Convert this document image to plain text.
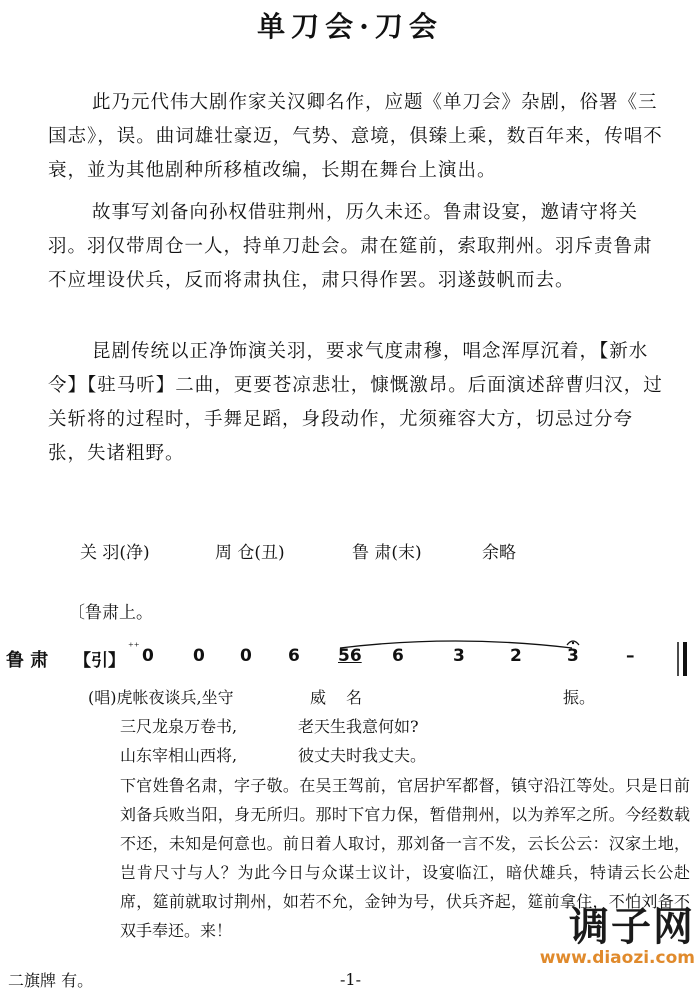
单刀会·刀会

此乃元代伟大剧作家关汉卿名作，应题《单刀会》杂剧，俗署《三国志》，误。曲词雄壮豪迈，气势、意境，俱臻上乘，数百年来，传唱不衰，並为其他剧种所移植改编，长期在舞台上演出。

故事写刘备向孙权借驻荆州，历久未还。鲁肃设宴，邀请守将关羽。羽仅带周仓一人，持单刀赴会。肃在筵前，索取荆州。羽斥责鲁肃不应埋设伏兵，反而将肃执住，肃只得作罢。羽遂鼓帆而去。

昆剧传统以正净饰演关羽，要求气度肃穆，唱念浑厚沉着，【新水令】【驻马听】二曲，更要苍凉悲壮，慷慨激昂。后面演述辞曹归汉，过关斩将的过程时，手舞足蹈，身段动作，尤须雍容大方，切忌过分夸张，失诸粗野。

关 羽(净)	周 仓(丑)	鲁 肃(末)	余略
〔鲁肃上。
鲁 肃 【引】
⁺⁺ 0 0 0 6 56 6	3	2	3	–
(唱)虎帐夜谈兵,坐守	威 名	振。
三尺龙泉万卷书,	老天生我意何如?
山东宰相山西将,	彼丈夫时我丈夫。
下官姓鲁名肃，字子敬。在吴王驾前，官居护军都督，镇守沿江等处。只是日前刘备兵败当阳，身无所归。那时下官力保，暂借荆州，以为养军之所。今经数载不还，未知是何意也。前日着人取讨，那刘备一言不发，云长公云：汉家土地，岂肯尺寸与人？为此今日与众谋士议计，设宴临江，暗伏雄兵，特请云长公赴席，筵前就取讨荆州，如若不允，金钟为号，伏兵齐起，筵前拿住，不怕刘备不双手奉还。来！	调子网
www.diaozi.com
二旗牌 有。	-1-
